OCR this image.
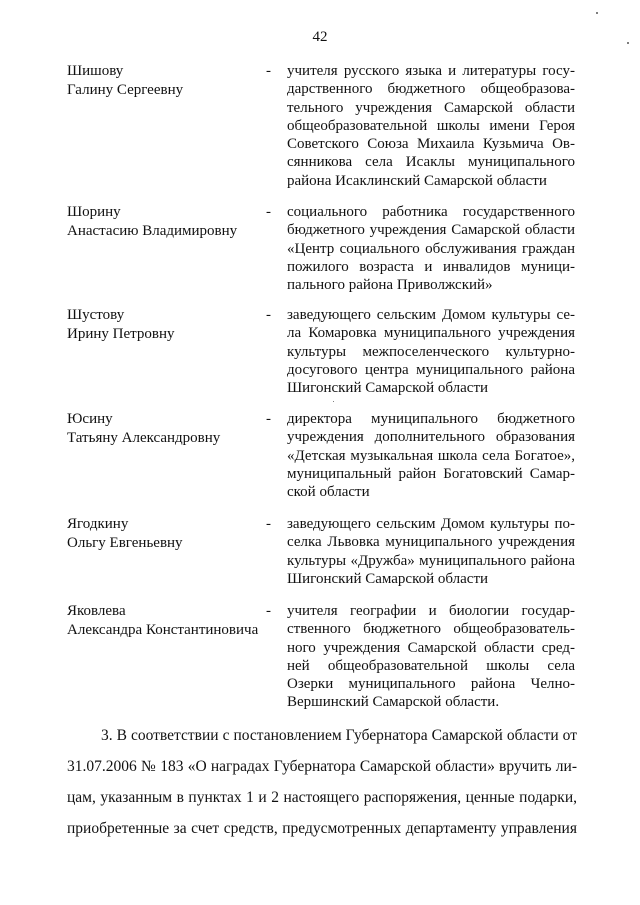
42
Шишову
Галину Сергеевну
- учителя русского языка и литературы госу-
дарственного бюджетного общеобразова-
тельного учреждения Самарской области
общеобразовательной школы имени Героя
Советского Союза Михаила Кузьмича Ов-
сянникова села Исаклы муниципального
района Исаклинский Самарской области
Шорину
Анастасию Владимировну
- социального работника государственного
бюджетного учреждения Самарской области
«Центр социального обслуживания граждан
пожилого возраста и инвалидов муници-
пального района Приволжский»
Шустову
Ирину Петровну
- заведующего сельским Домом культуры се-
ла Комаровка муниципального учреждения
культуры межпоселенческого культурно-
досугового центра муниципального района
Шигонский Самарской области
Юсину
Татьяну Александровну
- директора муниципального бюджетного
учреждения дополнительного образования
«Детская музыкальная школа села Богатое»,
муниципальный район Богатовский Самар-
ской области
Ягодкину
Ольгу Евгеньевну
- заведующего сельским Домом культуры по-
селка Львовка муниципального учреждения
культуры «Дружба» муниципального района
Шигонский Самарской области
Яковлева
Александра Константиновича
- учителя географии и биологии государ-
ственного бюджетного общеобразователь-
ного учреждения Самарской области сред-
ней общеобразовательной школы села
Озерки муниципального района Челно-
Вершинский Самарской области.
3. В соответствии с постановлением Губернатора Самарской области от
31.07.2006 № 183 «О наградах Губернатора Самарской области» вручить ли-
цам, указанным в пунктах 1 и 2 настоящего распоряжения, ценные подарки,
приобретенные за счет средств, предусмотренных департаменту управления
